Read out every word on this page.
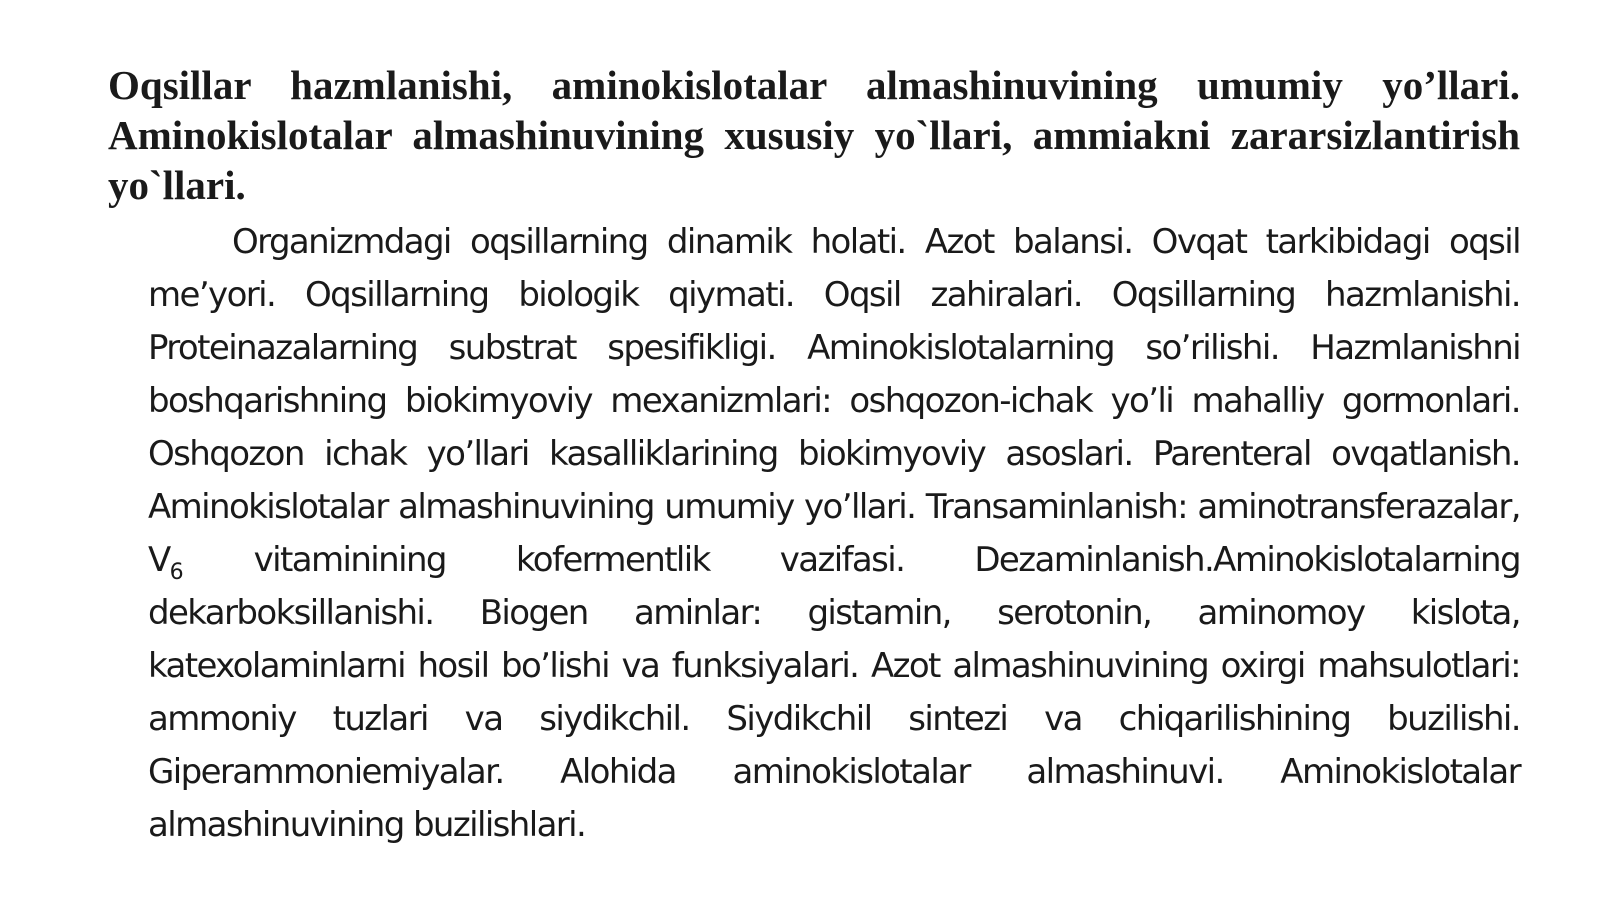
Oqsillar hazmlanishi, aminokislotalar almashinuvining umumiy yo’llari. Aminokislotalar almashinuvining xususiy yo`llari, ammiakni zararsizlantirish yo`llari.

Organizmdagi oqsillarning dinamik holati. Azot balansi. Ovqat tarkibidagi oqsil me’yori. Oqsillarning biologik qiymati. Oqsil zahiralari. Oqsillarning hazmlanishi. Proteinazalarning substrat spesifikligi. Aminokislotalarning so’rilishi. Hazmlanishni boshqarishning biokimyoviy mexanizmlari: oshqozon-ichak yo’li mahalliy gormonlari. Oshqozon ichak yo’llari kasalliklarining biokimyoviy asoslari. Parenteral ovqatlanish. Aminokislotalar almashinuvining umumiy yo’llari. Transaminlanish: aminotransferazalar, $V_6$ vitaminining kofermentlik vazifasi. Dezaminlanish.Aminokislotalarning dekarboksillanishi. Biogen aminlar: gistamin, serotonin, aminomoy kislota, katexolaminlarni hosil bo’lishi va funksiyalari. Azot almashinuvining oxirgi mahsulotlari: ammoniy tuzlari va siydikchil. Siydikchil sintezi va chiqarilishining buzilishi. Giperammoniemiyalar. Alohida aminokislotalar almashinuvi. Aminokislotalar almashinuvining buzilishlari.
